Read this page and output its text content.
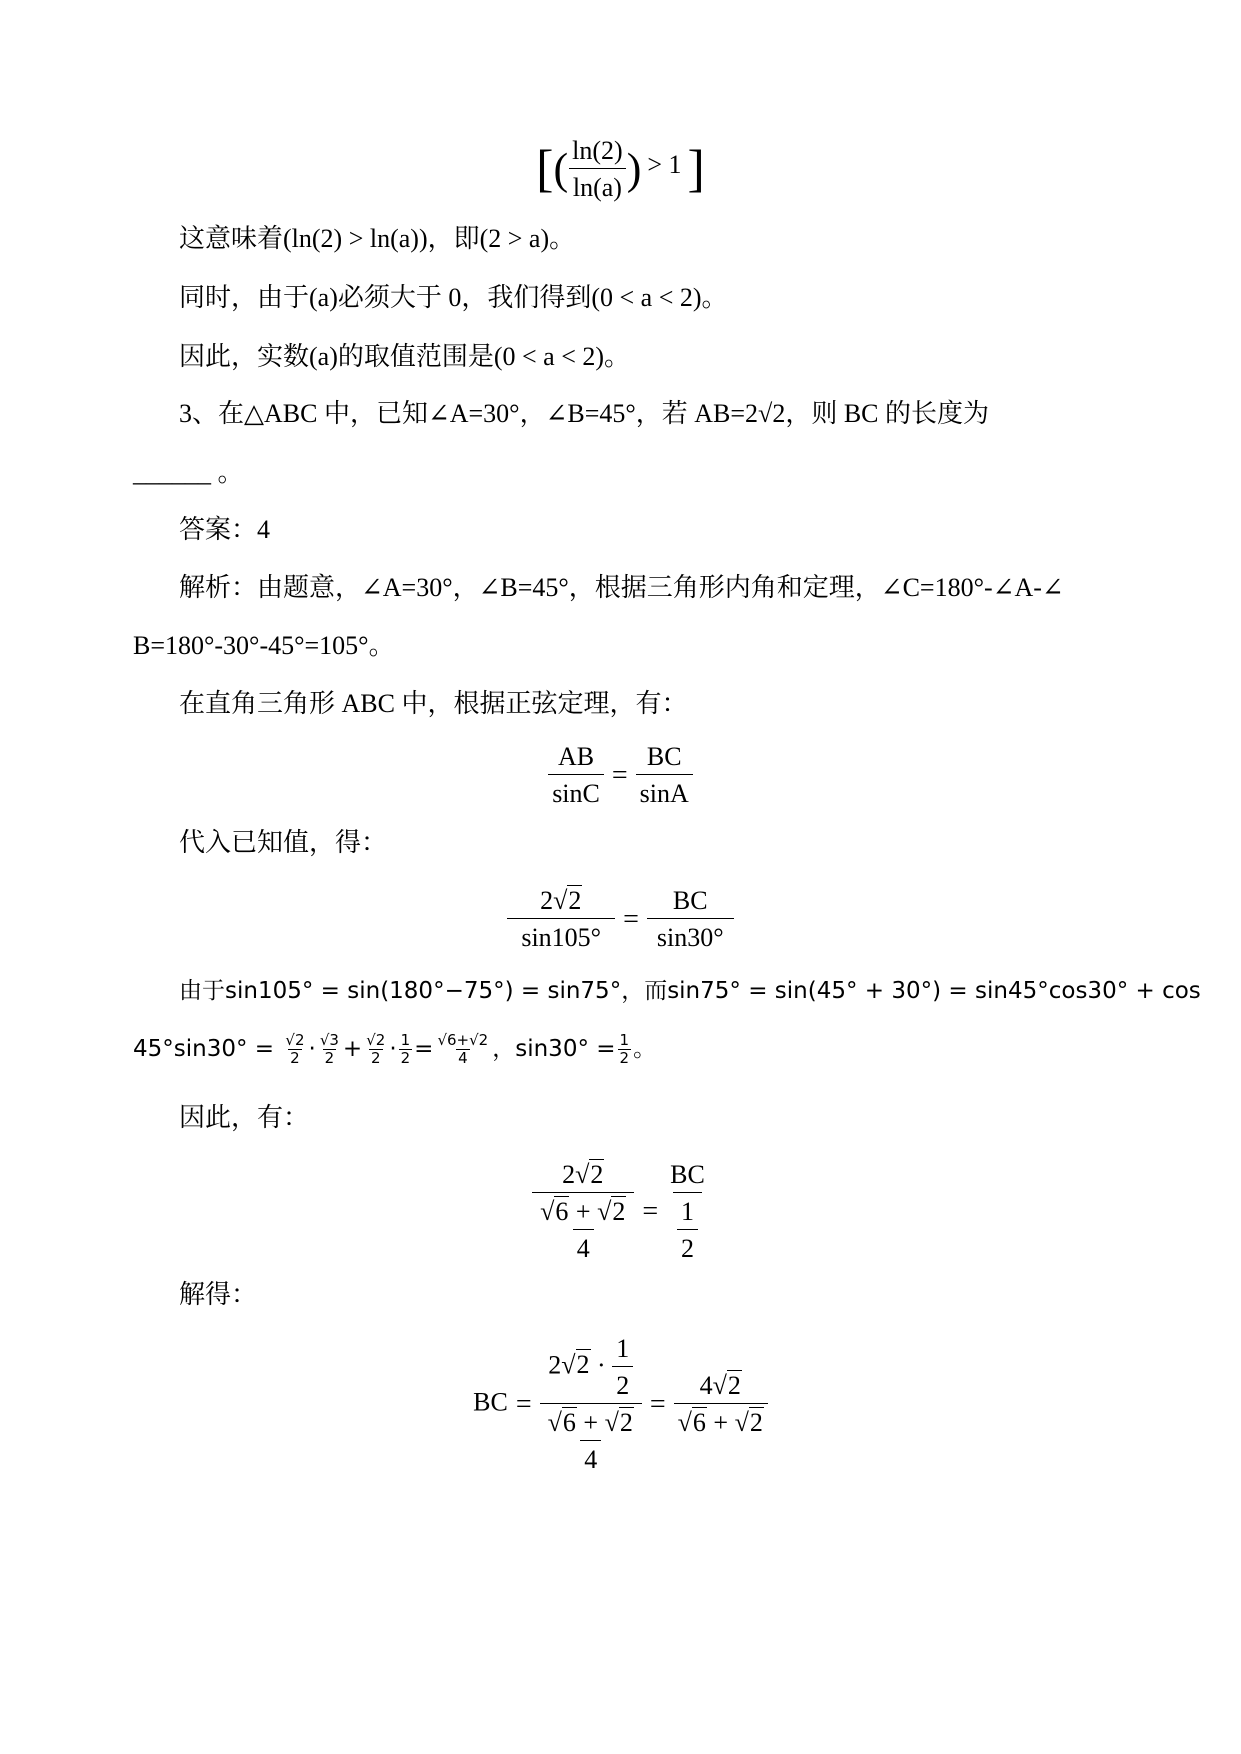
[( $\frac{\ln(2)}{\ln(a)}$ ) > 1 ]
这意味着(ln(2) > ln(a))，即(2 > a)。
同时，由于(a)必须大于 0，我们得到(0 < a < 2)。
因此，实数(a)的取值范围是(0 < a < 2)。
3、在△ABC 中，已知∠A=30°，∠B=45°，若 AB=2√2，则 BC 的长度为
______ 。
答案：4
解析：由题意，∠A=30°，∠B=45°，根据三角形内角和定理，∠C=180°-∠A-∠
B=180°-30°-45°=105°。
在直角三角形 ABC 中，根据正弦定理，有：
$\frac{AB}{\sin C} = \frac{BC}{\sin A}$
代入已知值，得：
$\frac{2√2}{\sin 105^\circ} = \frac{BC}{\sin 30^\circ}$
由于sin105° = sin(180°−75°) = sin75°，而sin75° = sin(45° + 30°) = sin45°cos30° + cos
$45^\circ\sin 30^\circ = \frac{√2}{2} \cdot \frac{√3}{2} + \frac{√2}{2} \cdot \frac{1}{2} = \frac{√6+√2}{4}$ ，$\sin 30^\circ = \frac{1}{2}$ 。
因此，有：
$\frac{2√2}{\frac{√6 + √2}{4}} = \frac{BC}{\frac{1}{2}}$
解得：
BC = $\frac{2√2 \cdot \frac{1}{2}}{\frac{√6 + √2}{4}} = \frac{4√2}{√6 + √2}$
